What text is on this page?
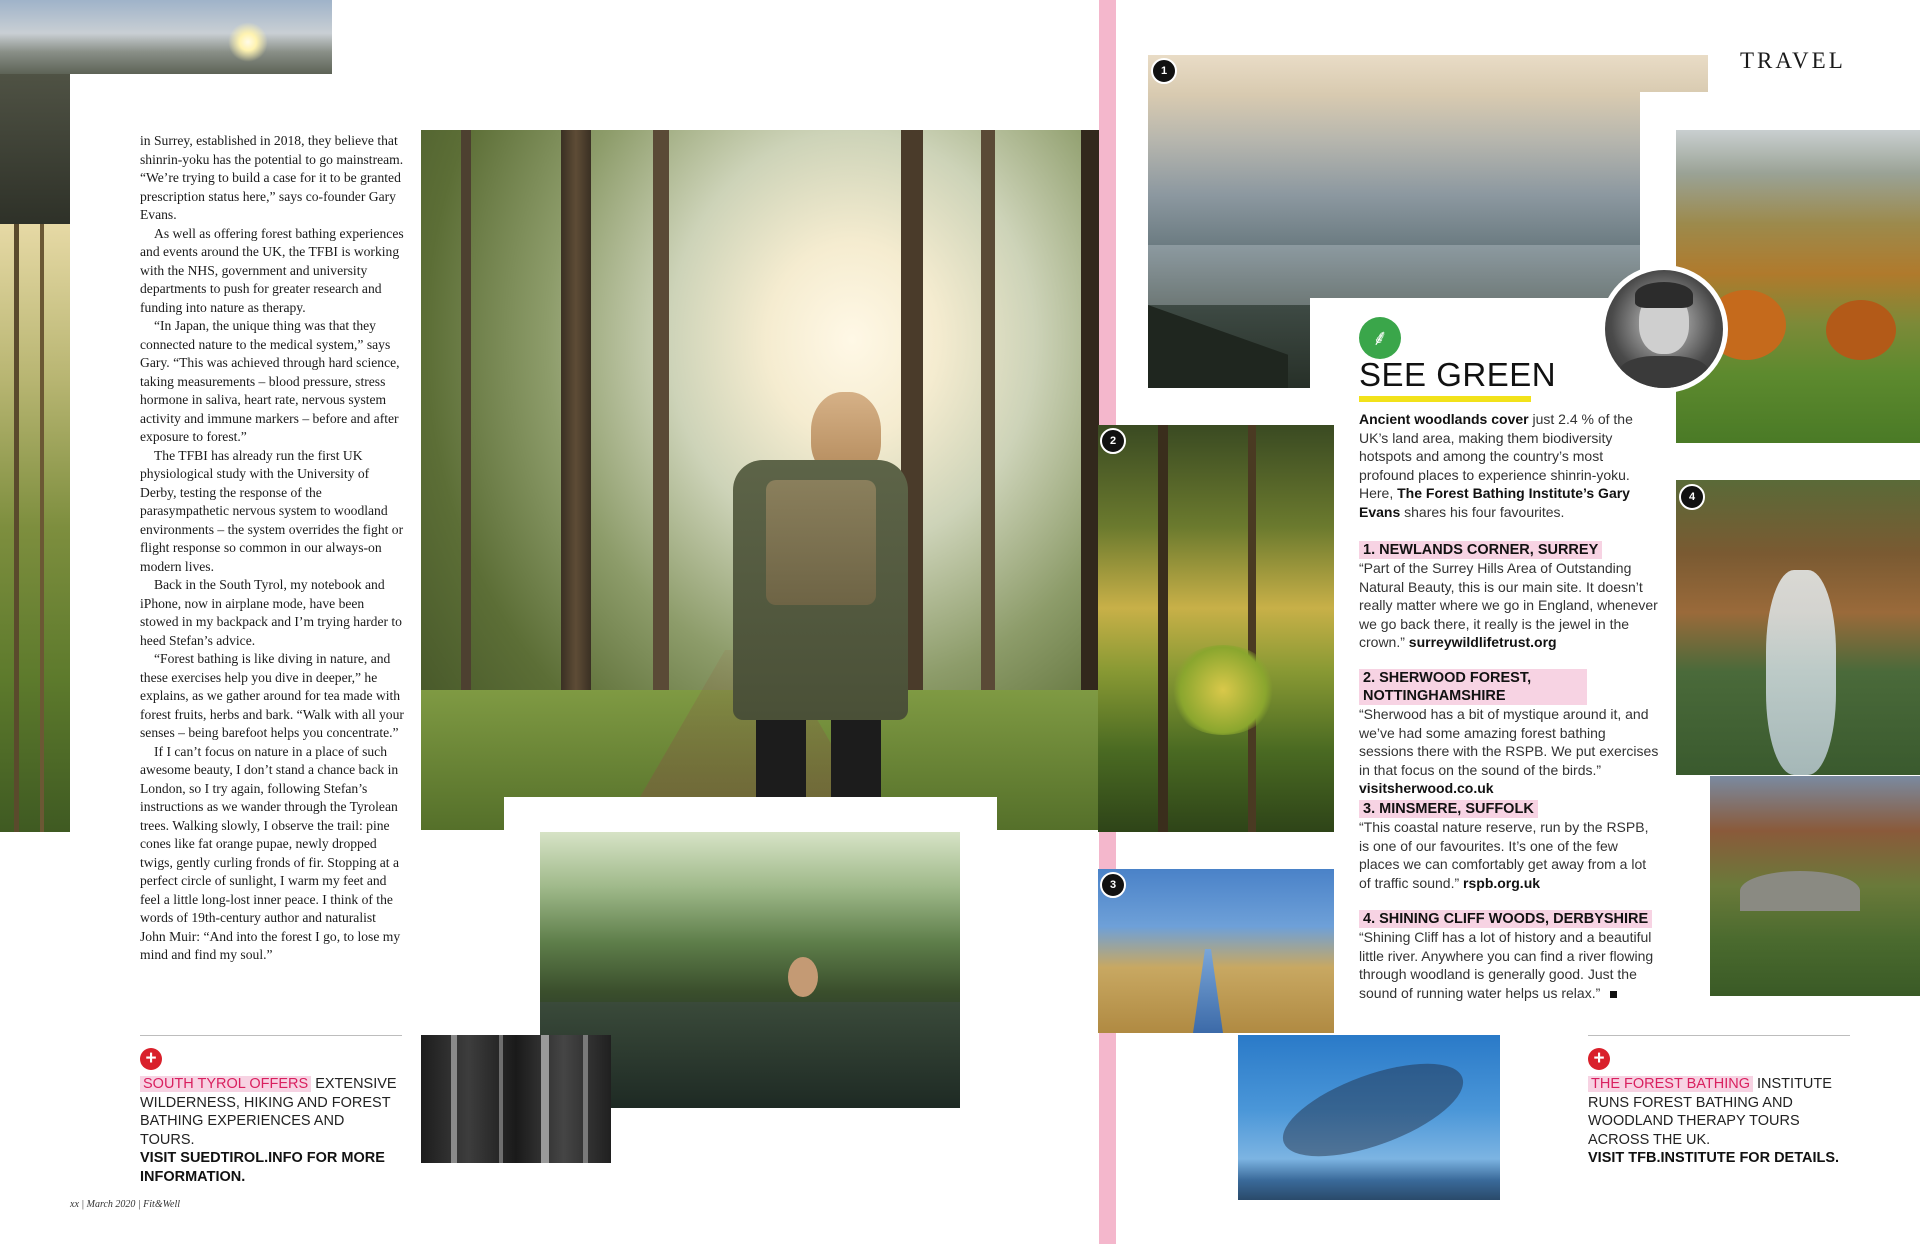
in Surrey, established in 2018, they believe that shinrin-yoku has the potential to go mainstream. “We’re trying to build a case for it to be granted prescription status here,” says co-founder Gary Evans.

As well as offering forest bathing experiences and events around the UK, the TFBI is working with the NHS, government and university departments to push for greater research and funding into nature as therapy.

“In Japan, the unique thing was that they connected nature to the medical system,” says Gary. “This was achieved through hard science, taking measurements – blood pressure, stress hormone in saliva, heart rate, nervous system activity and immune markers – before and after exposure to forest.”

The TFBI has already run the first UK physiological study with the University of Derby, testing the response of the parasympathetic nervous system to woodland environments – the system overrides the fight or flight response so common in our always-on modern lives.

Back in the South Tyrol, my notebook and iPhone, now in airplane mode, have been stowed in my backpack and I’m trying harder to heed Stefan’s advice.

“Forest bathing is like diving in nature, and these exercises help you dive in deeper,” he explains, as we gather around for tea made with forest fruits, herbs and bark. “Walk with all your senses – being barefoot helps you concentrate.”

If I can’t focus on nature in a place of such awesome beauty, I don’t stand a chance back in London, so I try again, following Stefan’s instructions as we wander through the Tyrolean trees. Walking slowly, I observe the trail: pine cones like fat orange pupae, newly dropped twigs, gently curling fronds of fir. Stopping at a perfect circle of sunlight, I warm my feet and feel a little long-lost inner peace. I think of the words of 19th-century author and naturalist John Muir: “And into the forest I go, to lose my mind and find my soul.”

+
SOUTH TYROL OFFERS EXTENSIVE WILDERNESS, HIKING AND FOREST BATHING EXPERIENCES AND TOURS.
VISIT SUEDTIROL.INFO FOR MORE INFORMATION.
xx | March 2020 | Fit&Well
TRAVEL
1
2
3
4
⸙
SEE GREEN

Ancient woodlands cover just 2.4 % of the UK’s land area, making them biodiversity hotspots and among the country’s most profound places to experience shinrin-yoku. Here, The Forest Bathing Institute’s Gary Evans shares his four favourites.

1. NEWLANDS CORNER, SURREY

“Part of the Surrey Hills Area of Outstanding Natural Beauty, this is our main site. It doesn’t really matter where we go in England, whenever we go back there, it really is the jewel in the crown.” surreywildlifetrust.org

2. SHERWOOD FOREST, NOTTINGHAMSHIRE

“Sherwood has a bit of mystique around it, and we’ve had some amazing forest bathing sessions there with the RSPB. We put exercises in that focus on the sound of the birds.” visitsherwood.co.uk

3. MINSMERE, SUFFOLK

“This coastal nature reserve, run by the RSPB, is one of our favourites. It’s one of the few places we can comfortably get away from a lot of traffic sound.” rspb.org.uk

4. SHINING CLIFF WOODS, DERBYSHIRE

“Shining Cliff has a lot of history and a beautiful little river. Anywhere you can find a river flowing through woodland is generally good. Just the sound of running water helps us relax.”

+
THE FOREST BATHING INSTITUTE RUNS FOREST BATHING AND WOODLAND THERAPY TOURS ACROSS THE UK.
VISIT TFB.INSTITUTE FOR DETAILS.
